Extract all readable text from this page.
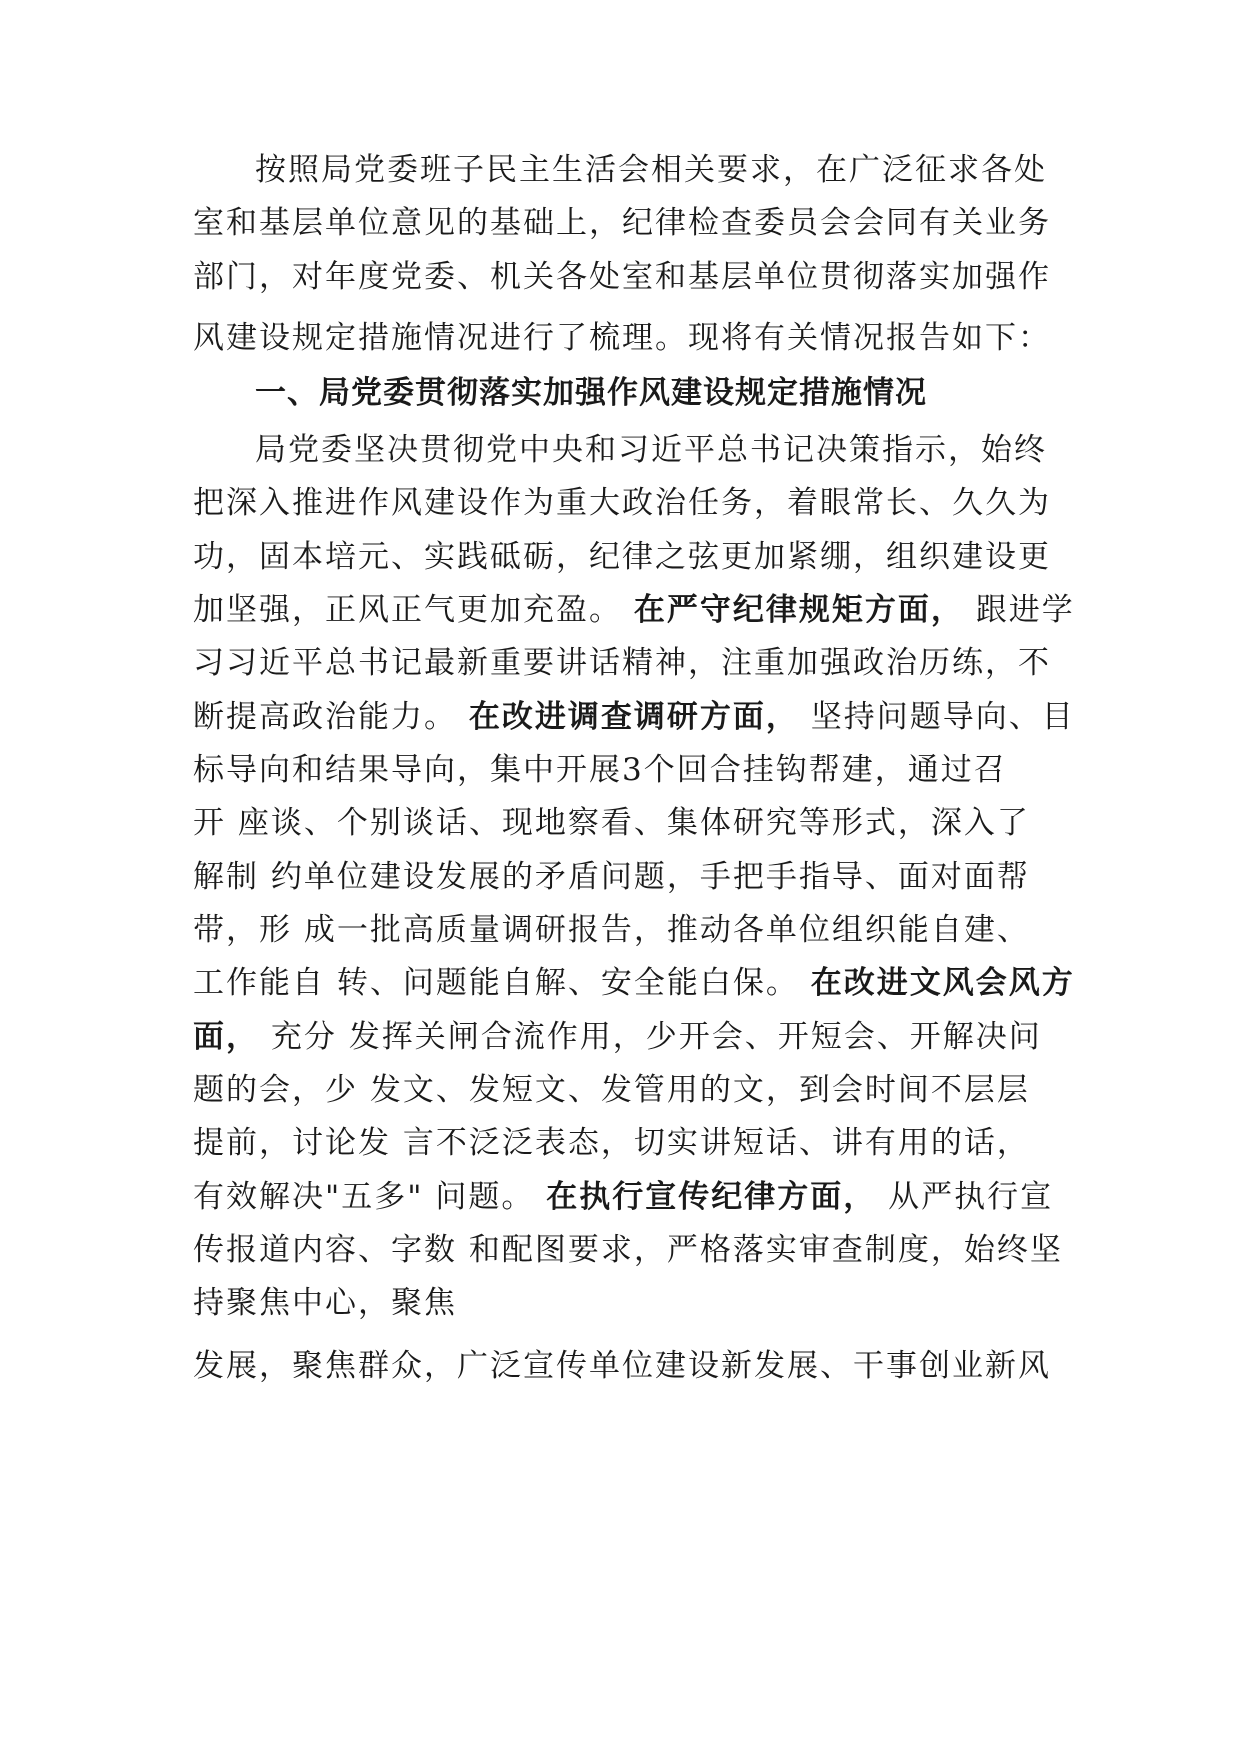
按照局党委班子民主生活会相关要求，在广泛征求各处
室和基层单位意见的基础上，纪律检查委员会会同有关业务
部门，对年度党委、机关各处室和基层单位贯彻落实加强作
风建设规定措施情况进行了梳理。现将有关情况报告如下：
一、局党委贯彻落实加强作风建设规定措施情况
局党委坚决贯彻党中央和习近平总书记决策指示，始终
把深入推进作风建设作为重大政治任务，着眼常长、久久为
功，固本培元、实践砥砺，纪律之弦更加紧绷，组织建设更
加坚强，正风正气更加充盈。 在严守纪律规矩方面， 跟进学
习习近平总书记最新重要讲话精神，注重加强政治历练，不
断提高政治能力。 在改进调查调研方面， 坚持问题导向、目
标导向和结果导向，集中开展3个回合挂钩帮建，通过召
开 座谈、个别谈话、现地察看、集体研究等形式，深入了
解制 约单位建设发展的矛盾问题，手把手指导、面对面帮
带，形 成一批高质量调研报告，推动各单位组织能自建、
工作能自 转、问题能自解、安全能白保。 在改进文风会风方
面， 充分 发挥关闸合流作用，少开会、开短会、开解决问
题的会，少 发文、发短文、发管用的文，到会时间不层层
提前，讨论发 言不泛泛表态，切实讲短话、讲有用的话，
有效解决"五多" 问题。 在执行宣传纪律方面， 从严执行宣
传报道内容、字数 和配图要求，严格落实审查制度，始终坚
持聚焦中心，聚焦
发展，聚焦群众，广泛宣传单位建设新发展、干事创业新风
